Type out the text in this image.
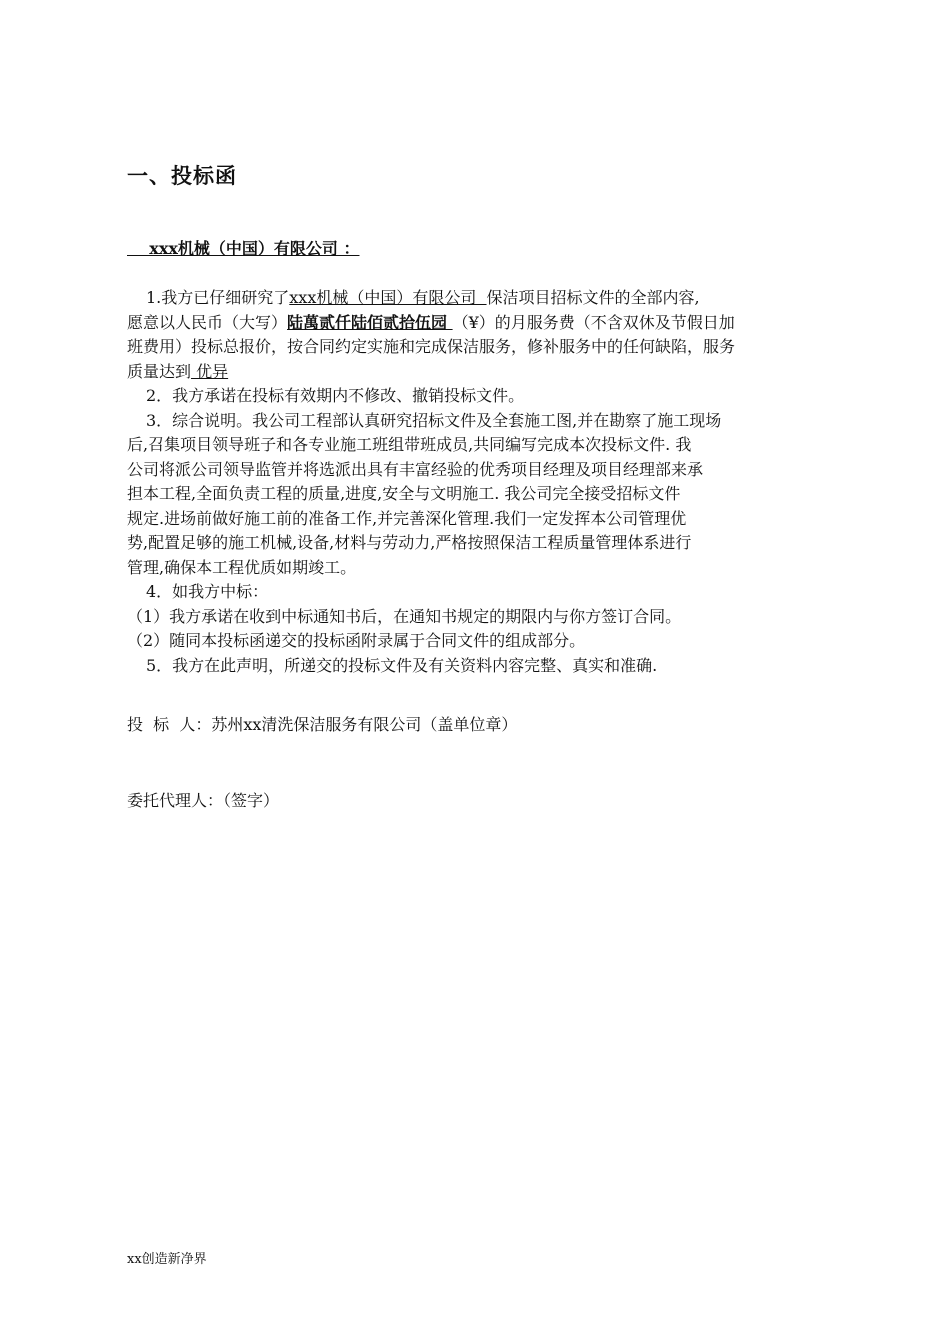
一、投标函
xxx机械（中国）有限公司 ：
1.我方已仔细研究了xxx机械（中国）有限公司  保洁项目招标文件的全部内容,
愿意以人民币（大写）陆萬贰仟陆佰贰拾伍园 （¥）的月服务费（不含双休及节假日加
班费用）投标总报价，按合同约定实施和完成保洁服务，修补服务中的任何缺陷，服务
质量达到 优异
2．我方承诺在投标有效期内不修改、撤销投标文件。
3．综合说明。我公司工程部认真研究招标文件及全套施工图,并在勘察了施工现场
后,召集项目领导班子和各专业施工班组带班成员,共同编写完成本次投标文件. 我
公司将派公司领导监管并将选派出具有丰富经验的优秀项目经理及项目经理部来承
担本工程,全面负责工程的质量,进度,安全与文明施工. 我公司完全接受招标文件
规定.进场前做好施工前的准备工作,并完善深化管理.我们一定发挥本公司管理优
势,配置足够的施工机械,设备,材料与劳动力,严格按照保洁工程质量管理体系进行
管理,确保本工程优质如期竣工。
4．如我方中标：
（1）我方承诺在收到中标通知书后，在通知书规定的期限内与你方签订合同。
（2）随同本投标函递交的投标函附录属于合同文件的组成部分。
5．我方在此声明，所递交的投标文件及有关资料内容完整、真实和准确.
投  标  人：苏州xx清洗保洁服务有限公司（盖单位章）
委托代理人：（签字）
xx创造新净界
